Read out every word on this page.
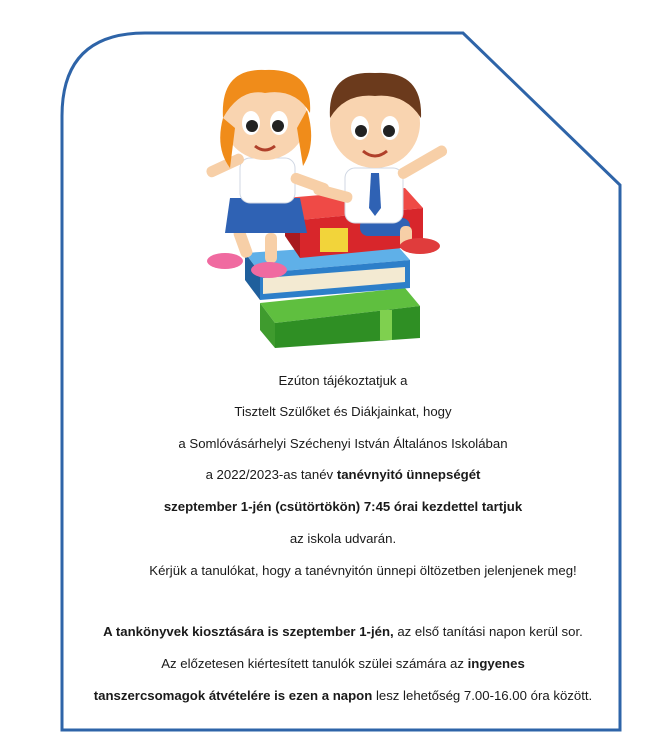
Ezúton tájékoztatjuk a
Tisztelt Szülőket és Diákjainkat, hogy
a Somlóvásárhelyi Széchenyi István Általános Iskolában
a 2022/2023-as tanév tanévnyitó ünnepségét
szeptember 1-jén (csütörtökön) 7:45 órai kezdettel tartjuk
az iskola udvarán.
Kérjük a tanulókat, hogy a tanévnyitón ünnepi öltözetben jelenjenek meg!
A tankönyvek kiosztására is szeptember 1-jén, az első tanítási napon kerül sor.
Az előzetesen kiértesített tanulók szülei számára az ingyenes
tanszercsomagok átvételére is ezen a napon lesz lehetőség 7.00-16.00 óra között.
